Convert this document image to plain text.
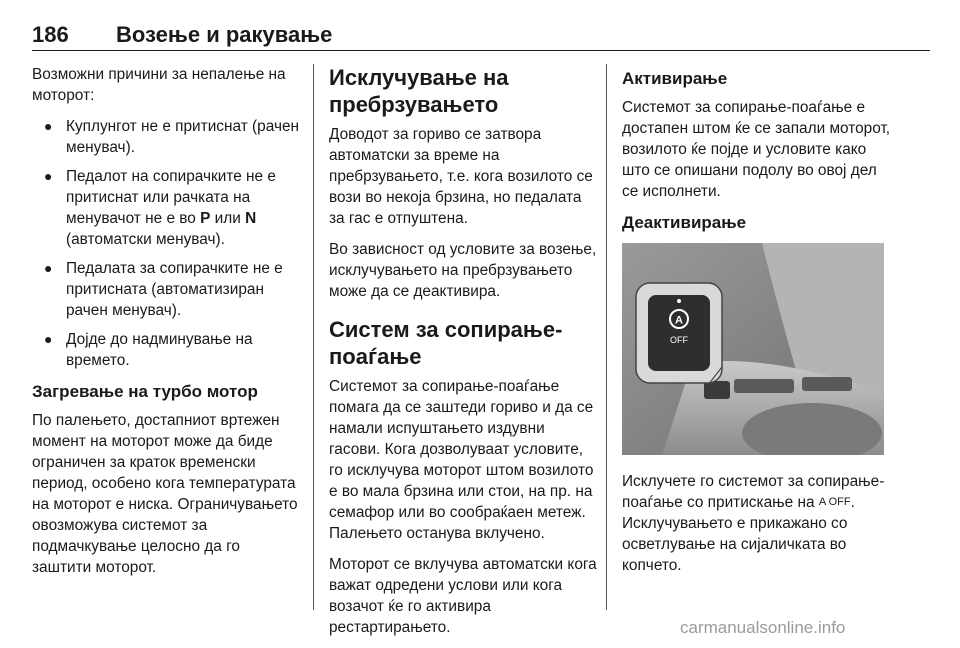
186 Возење и ракување

Возможни причини за непалење на моторот:

● Куплунгот не е притиснат (рачен менувач).
● Педалот на сопирачките не е притиснат или рачката на менувачот не е во P или N (автоматски менувач).
● Педалата за сопирачките не е притисната (автоматизиран рачен менувач).
● Дојде до надминување на времето.
Загревање на турбо мотор

По палењето, достапниот вртежен момент на моторот може да биде ограничен за краток временски период, особено кога температурата на моторот е ниска. Ограничувањето овозможува системот за подмачкување целосно да го заштити моторот.

Исклучување на пребрзувањето

Доводот за гориво се затвора автоматски за време на пребрзувањето, т.е. кога возилото се вози во некоја брзина, но педалата за гас е отпуштена.

Во зависност од условите за возење, исклучувањето на пребрзувањето може да се деактивира.

Систем за сопирање-поаѓање

Системот за сопирање-поаѓање помага да се заштеди гориво и да се намали испуштањето издувни гасови. Кога дозволуваат условите, го исклучува моторот штом возилото е во мала брзина или стои, на пр. на семафор или во сообраќаен метеж. Палењето останува вклучено.

Моторот се вклучува автоматски кога важат одредени услови или кога возачот ќе го активира рестартирањето.

Активирање

Системот за сопирање-поаѓање е достапен штом ќе се запали моторот, возилото ќе појде и условите како што се опишани подолу во овој дел се исполнети.

Деактивирање
A
OFF

Исклучете го системот за сопирање-поаѓање со притискање на A OFF. Исклучувањето е прикажано со осветлување на сијаличката во копчето.

carmanualsonline.info
